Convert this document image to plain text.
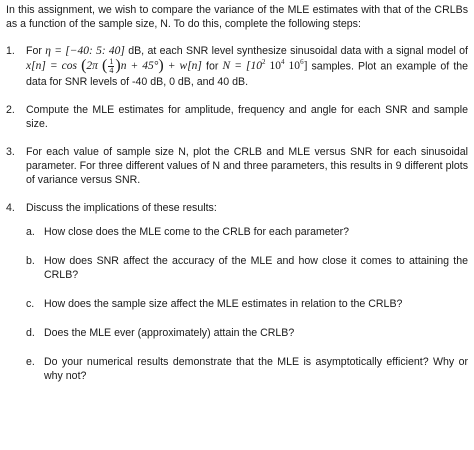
In this assignment, we wish to compare the variance of the MLE estimates with that of the CRLBs as a function of the sample size, N. To do this, complete the following steps:

1. For η = [−40: 5: 40] dB, at each SNR level synthesize sinusoidal data with a signal model of x[n] = cos (2π ( $\frac{1}{4} )n + 45^\circ) + w[n]$ for $N = [10^2$ $10^4$ $10^6$] samples. Plot an example of the data for SNR levels of -40 dB, 0 dB, and 40 dB.
2. Compute the MLE estimates for amplitude, frequency and angle for each SNR and sample size.
3. For each value of sample size N, plot the CRLB and MLE versus SNR for each sinusoidal parameter. For three different values of N and three parameters, this results in 9 different plots of variance versus SNR.
4. Discuss the implications of these results:
a. How close does the MLE come to the CRLB for each parameter?
b. How does SNR affect the accuracy of the MLE and how close it comes to attaining the CRLB?
c. How does the sample size affect the MLE estimates in relation to the CRLB?
d. Does the MLE ever (approximately) attain the CRLB?
e. Do your numerical results demonstrate that the MLE is asymptotically efficient? Why or why not?
